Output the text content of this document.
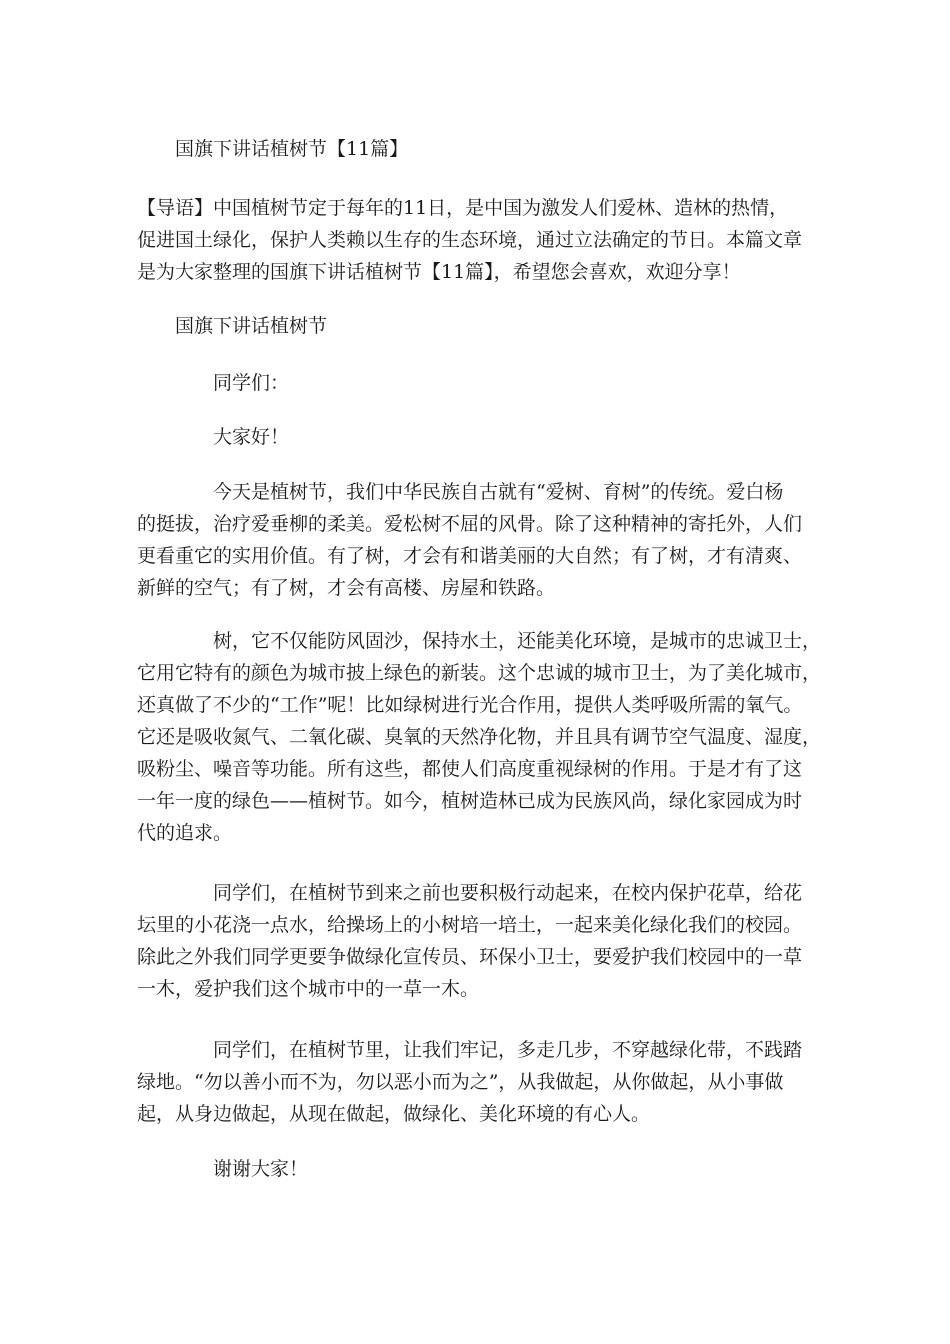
国旗下讲话植树节【11篇】
【导语】中国植树节定于每年的11日，是中国为激发人们爱林、造林的热情，
促进国土绿化，保护人类赖以生存的生态环境，通过立法确定的节日。本篇文章
是为大家整理的国旗下讲话植树节【11篇】，希望您会喜欢，欢迎分享！
国旗下讲话植树节
同学们：
大家好！
今天是植树节，我们中华民族自古就有“爱树、育树”的传统。爱白杨
的挺拔，治疗爱垂柳的柔美。爱松树不屈的风骨。除了这种精神的寄托外，人们
更看重它的实用价值。有了树，才会有和谐美丽的大自然；有了树，才有清爽、
新鲜的空气；有了树，才会有高楼、房屋和铁路。
树，它不仅能防风固沙，保持水土，还能美化环境，是城市的忠诚卫士，
它用它特有的颜色为城市披上绿色的新装。这个忠诚的城市卫士，为了美化城市，
还真做了不少的“工作”呢！比如绿树进行光合作用，提供人类呼吸所需的氧气。
它还是吸收氮气、二氧化碳、臭氧的天然净化物，并且具有调节空气温度、湿度，
吸粉尘、噪音等功能。所有这些，都使人们高度重视绿树的作用。于是才有了这
一年一度的绿色——植树节。如今，植树造林已成为民族风尚，绿化家园成为时
代的追求。
同学们，在植树节到来之前也要积极行动起来，在校内保护花草，给花
坛里的小花浇一点水，给操场上的小树培一培土，一起来美化绿化我们的校园。
除此之外我们同学更要争做绿化宣传员、环保小卫士，要爱护我们校园中的一草
一木，爱护我们这个城市中的一草一木。
同学们，在植树节里，让我们牢记，多走几步，不穿越绿化带，不践踏
绿地。“勿以善小而不为，勿以恶小而为之”，从我做起，从你做起，从小事做
起，从身边做起，从现在做起，做绿化、美化环境的有心人。
谢谢大家！
